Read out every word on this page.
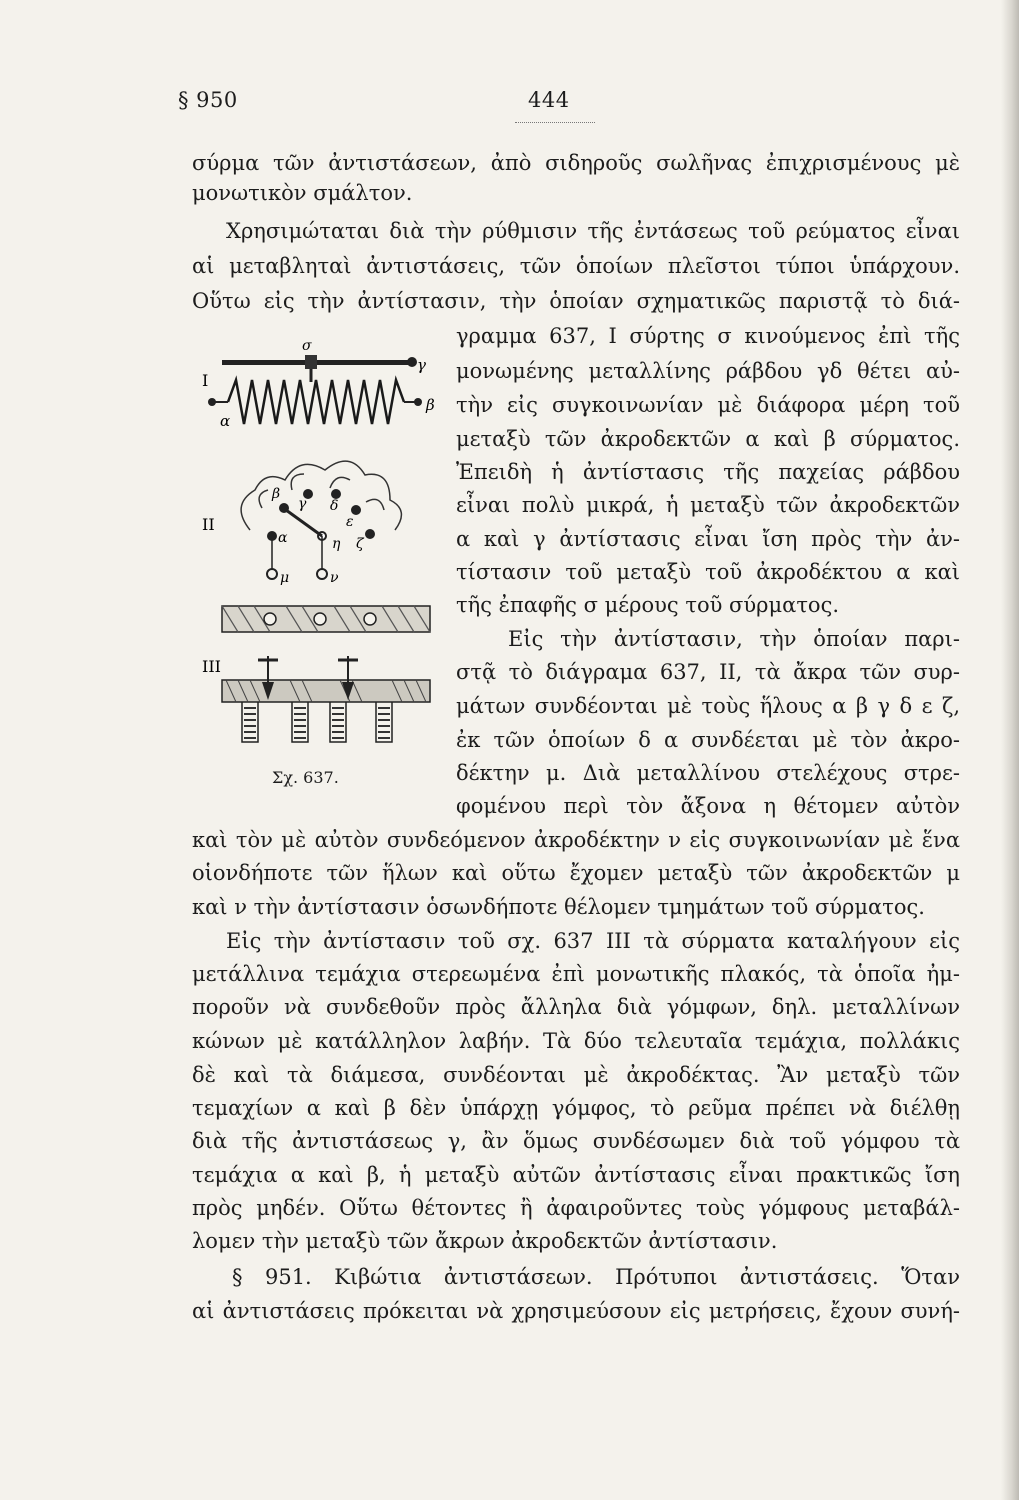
§ 950	444
σύρμα τῶν ἀντιστάσεων, ἀπὸ σιδηροῦς σωλῆνας ἐπιχρισμένους μὲ
μονωτικὸν σμάλτον.
Χρησιμώταται διὰ τὴν ρύθμισιν τῆς ἐντάσεως τοῦ ρεύματος εἶναι
αἱ μεταβληταὶ ἀντιστάσεις, τῶν ὁποίων πλεῖστοι τύποι ὑπάρχουν.
Οὕτω εἰς τὴν ἀντίστασιν, τὴν ὁποίαν σχηματικῶς παριστᾷ τὸ διά-
γραμμα 637, I σύρτης σ κινούμενος ἐπὶ τῆς
μονωμένης μεταλλίνης ράβδου γδ θέτει αὐ-
τὴν εἰς συγκοινωνίαν μὲ διάφορα μέρη τοῦ
μεταξὺ τῶν ἀκροδεκτῶν α καὶ β σύρματος.
Ἐπειδὴ ἡ ἀντίστασις τῆς παχείας ράβδου
εἶναι πολὺ μικρά, ἡ μεταξὺ τῶν ἀκροδεκτῶν
α καὶ γ ἀντίστασις εἶναι ἴση πρὸς τὴν ἀν-
τίστασιν τοῦ μεταξὺ τοῦ ἀκροδέκτου α καὶ
τῆς ἐπαφῆς σ μέρους τοῦ σύρματος.
Εἰς τὴν ἀντίστασιν, τὴν ὁποίαν παρι-
στᾷ τὸ διάγραμα 637, II, τὰ ἄκρα τῶν συρ-
μάτων συνδέονται μὲ τοὺς ἥλους α β γ δ ε ζ,
ἐκ τῶν ὁποίων δ α συνδέεται μὲ τὸν ἀκρο-
δέκτην μ. Διὰ μεταλλίνου στελέχους στρε-
φομένου περὶ τὸν ἄξονα η θέτομεν αὐτὸν
καὶ τὸν μὲ αὐτὸν συνδεόμενον ἀκροδέκτην ν εἰς συγκοινωνίαν μὲ ἕνα
οἱονδήποτε τῶν ἥλων καὶ οὕτω ἔχομεν μεταξὺ τῶν ἀκροδεκτῶν μ
καὶ ν τὴν ἀντίστασιν ὁσωνδήποτε θέλομεν τμημάτων τοῦ σύρματος.
Εἰς τὴν ἀντίστασιν τοῦ σχ. 637 III τὰ σύρματα καταλήγουν εἰς
μετάλλινα τεμάχια στερεωμένα ἐπὶ μονωτικῆς πλακός, τὰ ὁποῖα ἠμ-
ποροῦν νὰ συνδεθοῦν πρὸς ἄλληλα διὰ γόμφων, δηλ. μεταλλίνων
κώνων μὲ κατάλληλον λαβήν. Τὰ δύο τελευταῖα τεμάχια, πολλάκις
δὲ καὶ τὰ διάμεσα, συνδέονται μὲ ἀκροδέκτας. Ἂν μεταξὺ τῶν
τεμαχίων α καὶ β δὲν ὑπάρχῃ γόμφος, τὸ ρεῦμα πρέπει νὰ διέλθῃ
διὰ τῆς ἀντιστάσεως γ, ἂν ὅμως συνδέσωμεν διὰ τοῦ γόμφου τὰ
τεμάχια α καὶ β, ἡ μεταξὺ αὐτῶν ἀντίστασις εἶναι πρακτικῶς ἴση
πρὸς μηδέν. Οὕτω θέτοντες ἢ ἀφαιροῦντες τοὺς γόμφους μεταβάλ-
λομεν τὴν μεταξὺ τῶν ἄκρων ἀκροδεκτῶν ἀντίστασιν.
§ 951. Κιβώτια ἀντιστάσεων. Πρότυποι ἀντιστάσεις. Ὅταν
αἱ ἀντιστάσεις πρόκειται νὰ χρησιμεύσουν εἰς μετρήσεις, ἔχουν συνή-
I
σ
γ
α
β
II
α
β
γ δ
ε
ζ
η
μ	ν
III
Σχ. 637.
